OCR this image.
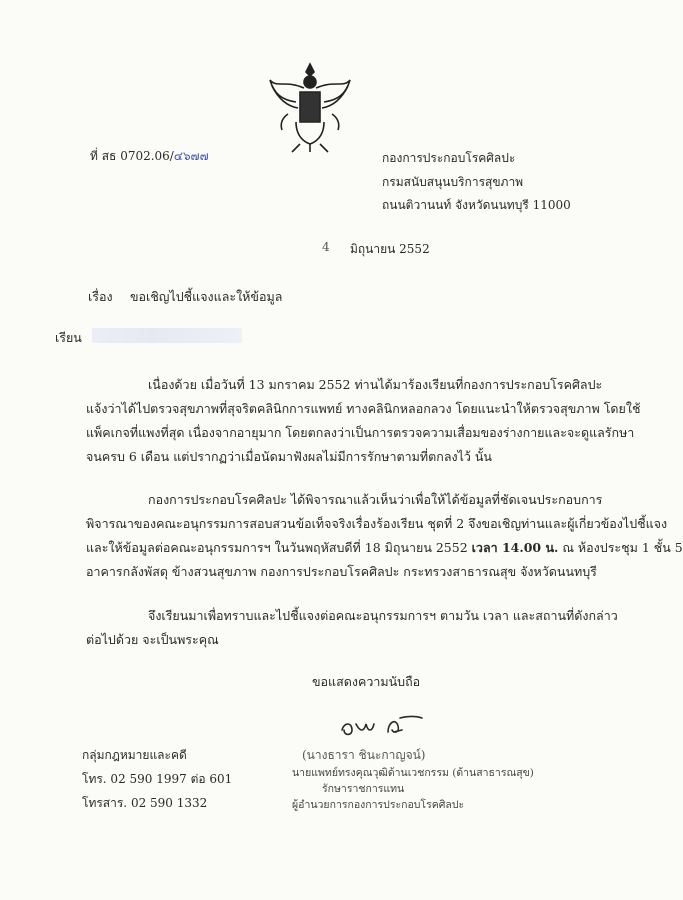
ที่ สธ 0702.06/๔๖๗๗	กองการประกอบโรคศิลปะ
กรมสนับสนุนบริการสุขภาพ
ถนนติวานนท์ จังหวัดนนทบุรี 11000
4 มิถุนายน 2552
เรื่อง ขอเชิญไปชี้แจงและให้ข้อมูล
เรียน
เนื่องด้วย เมื่อวันที่ 13 มกราคม 2552 ท่านได้มาร้องเรียนที่กองการประกอบโรคศิลปะ
แจ้งว่าได้ไปตรวจสุขภาพที่สุจริตคลินิกการแพทย์ ทางคลินิกหลอกลวง โดยแนะนำให้ตรวจสุขภาพ โดยใช้
แพ็คเกจที่แพงที่สุด เนื่องจากอายุมาก โดยตกลงว่าเป็นการตรวจความเสื่อมของร่างกายและจะดูแลรักษา
จนครบ 6 เดือน แต่ปรากฏว่าเมื่อนัดมาฟังผลไม่มีการรักษาตามที่ตกลงไว้ นั้น
กองการประกอบโรคศิลปะ ได้พิจารณาแล้วเห็นว่าเพื่อให้ได้ข้อมูลที่ชัดเจนประกอบการ
พิจารณาของคณะอนุกรรมการสอบสวนข้อเท็จจริงเรื่องร้องเรียน ชุดที่ 2 จึงขอเชิญท่านและผู้เกี่ยวข้องไปชี้แจง
และให้ข้อมูลต่อคณะอนุกรรมการฯ ในวันพฤหัสบดีที่ 18 มิถุนายน 2552 เวลา 14.00 น. ณ ห้องประชุม 1 ชั้น 5
อาคารกลังพัสดุ ข้างสวนสุขภาพ กองการประกอบโรคศิลปะ กระทรวงสาธารณสุข จังหวัดนนทบุรี
จึงเรียนมาเพื่อทราบและไปชี้แจงต่อคณะอนุกรรมการฯ ตามวัน เวลา และสถานที่ดังกล่าว
ต่อไปด้วย จะเป็นพระคุณ
ขอแสดงความนับถือ
(นางธารา ชินะกาญจน์)
นายแพทย์ทรงคุณวุฒิด้านเวชกรรม (ด้านสาธารณสุข)
รักษาราชการแทน
ผู้อำนวยการกองการประกอบโรคศิลปะ
กลุ่มกฎหมายและคดี
โทร. 02 590 1997 ต่อ 601
โทรสาร. 02 590 1332
